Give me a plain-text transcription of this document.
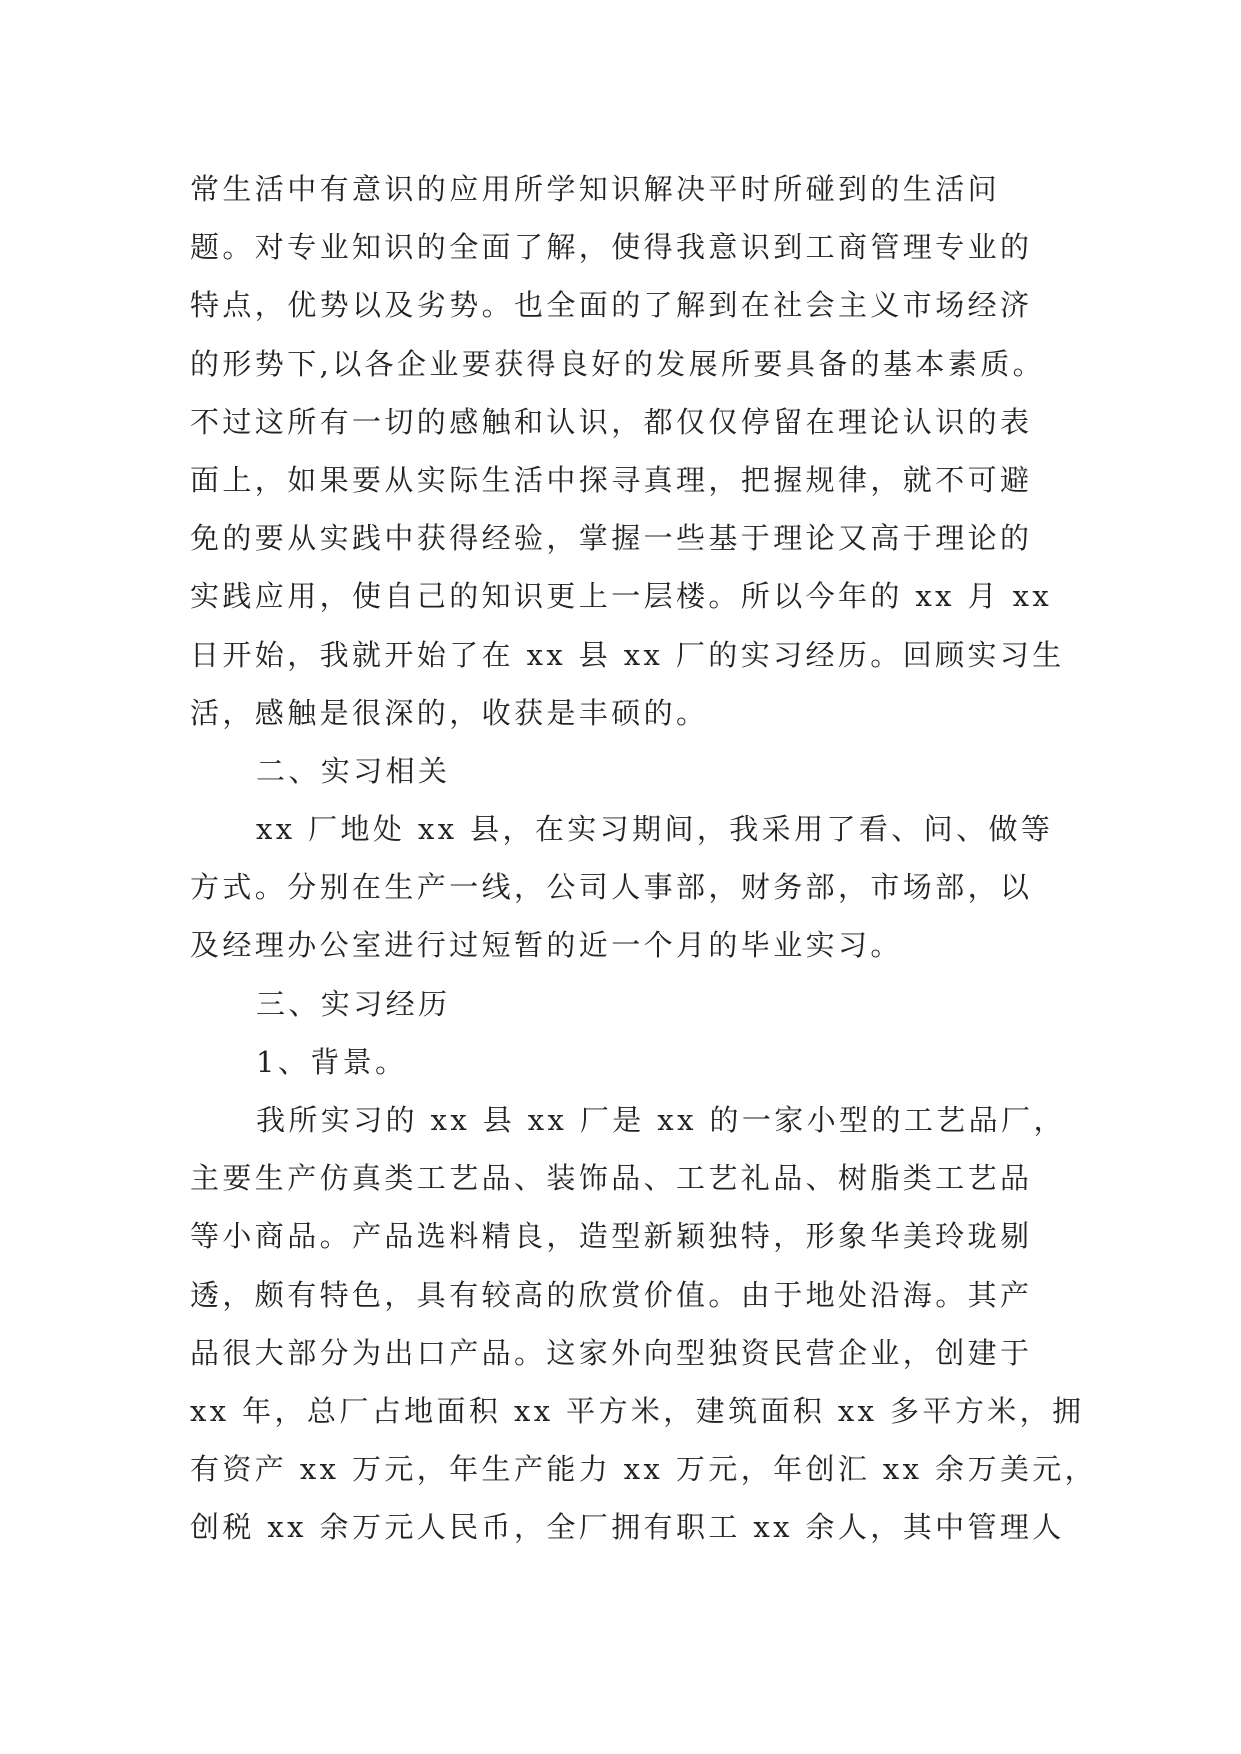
常生活中有意识的应用所学知识解决平时所碰到的生活问
题。对专业知识的全面了解，使得我意识到工商管理专业的
特点，优势以及劣势。也全面的了解到在社会主义市场经济
的形势下,以各企业要获得良好的发展所要具备的基本素质。
不过这所有一切的感触和认识，都仅仅停留在理论认识的表
面上，如果要从实际生活中探寻真理，把握规律，就不可避
免的要从实践中获得经验，掌握一些基于理论又高于理论的
实践应用，使自己的知识更上一层楼。所以今年的 xx 月 xx
日开始，我就开始了在 xx 县 xx 厂的实习经历。回顾实习生
活，感触是很深的，收获是丰硕的。
二、实习相关
xx 厂地处 xx 县，在实习期间，我采用了看、问、做等
方式。分别在生产一线，公司人事部，财务部，市场部，以
及经理办公室进行过短暂的近一个月的毕业实习。
三、实习经历
1、背景。
我所实习的 xx 县 xx 厂是 xx 的一家小型的工艺品厂，
主要生产仿真类工艺品、装饰品、工艺礼品、树脂类工艺品
等小商品。产品选料精良，造型新颖独特，形象华美玲珑剔
透，颇有特色，具有较高的欣赏价值。由于地处沿海。其产
品很大部分为出口产品。这家外向型独资民营企业，创建于
xx 年，总厂占地面积 xx 平方米，建筑面积 xx 多平方米，拥
有资产 xx 万元，年生产能力 xx 万元，年创汇 xx 余万美元，
创税 xx 余万元人民币，全厂拥有职工 xx 余人，其中管理人
